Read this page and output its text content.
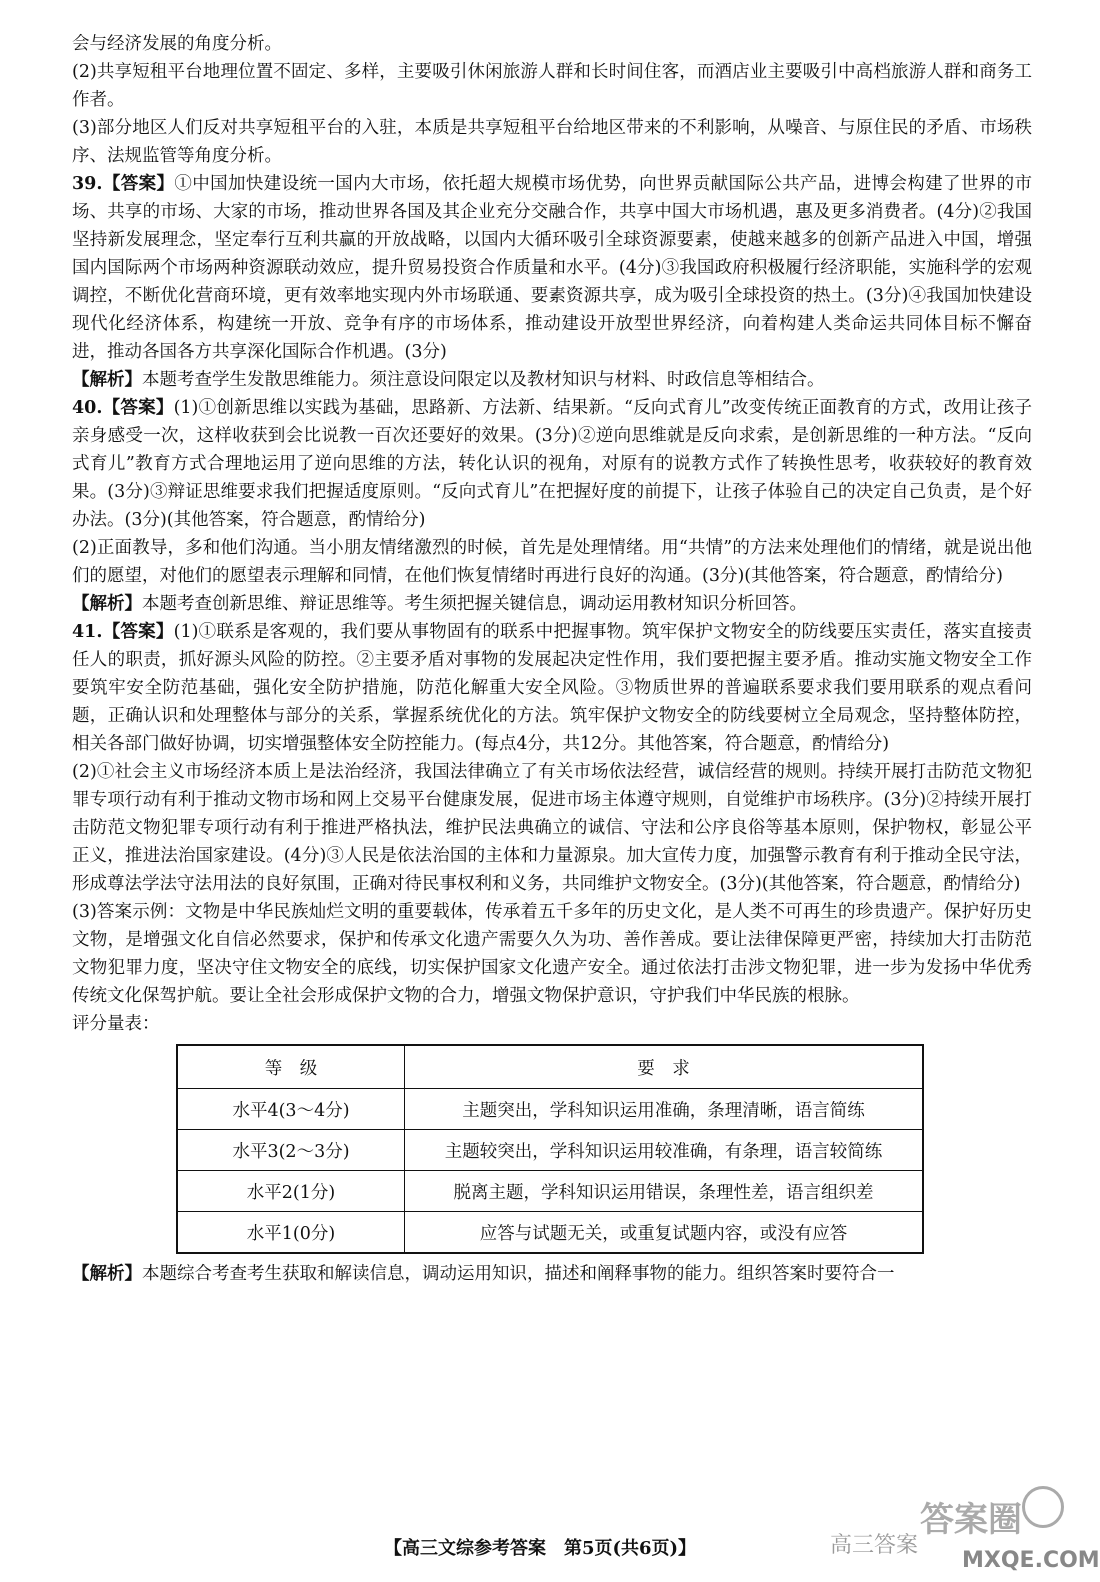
会与经济发展的角度分析。

(2)共享短租平台地理位置不固定、多样，主要吸引休闲旅游人群和长时间住客，而酒店业主要吸引中高档旅游人群和商务工作者。

(3)部分地区人们反对共享短租平台的入驻，本质是共享短租平台给地区带来的不利影响，从噪音、与原住民的矛盾、市场秩序、法规监管等角度分析。

39.【答案】①中国加快建设统一国内大市场，依托超大规模市场优势，向世界贡献国际公共产品，进博会构建了世界的市场、共享的市场、大家的市场，推动世界各国及其企业充分交融合作，共享中国大市场机遇，惠及更多消费者。(4分)②我国坚持新发展理念，坚定奉行互利共赢的开放战略，以国内大循环吸引全球资源要素，使越来越多的创新产品进入中国，增强国内国际两个市场两种资源联动效应，提升贸易投资合作质量和水平。(4分)③我国政府积极履行经济职能，实施科学的宏观调控，不断优化营商环境，更有效率地实现内外市场联通、要素资源共享，成为吸引全球投资的热土。(3分)④我国加快建设现代化经济体系，构建统一开放、竞争有序的市场体系，推动建设开放型世界经济，向着构建人类命运共同体目标不懈奋进，推动各国各方共享深化国际合作机遇。(3分)

【解析】本题考查学生发散思维能力。须注意设问限定以及教材知识与材料、时政信息等相结合。

40.【答案】(1)①创新思维以实践为基础，思路新、方法新、结果新。“反向式育儿”改变传统正面教育的方式，改用让孩子亲身感受一次，这样收获到会比说教一百次还要好的效果。(3分)②逆向思维就是反向求索，是创新思维的一种方法。“反向式育儿”教育方式合理地运用了逆向思维的方法，转化认识的视角，对原有的说教方式作了转换性思考，收获较好的教育效果。(3分)③辩证思维要求我们把握适度原则。“反向式育儿”在把握好度的前提下，让孩子体验自己的决定自己负责，是个好办法。(3分)(其他答案，符合题意，酌情给分)

(2)正面教导，多和他们沟通。当小朋友情绪激烈的时候，首先是处理情绪。用“共情”的方法来处理他们的情绪，就是说出他们的愿望，对他们的愿望表示理解和同情，在他们恢复情绪时再进行良好的沟通。(3分)(其他答案，符合题意，酌情给分)

【解析】本题考查创新思维、辩证思维等。考生须把握关键信息，调动运用教材知识分析回答。

41.【答案】(1)①联系是客观的，我们要从事物固有的联系中把握事物。筑牢保护文物安全的防线要压实责任，落实直接责任人的职责，抓好源头风险的防控。②主要矛盾对事物的发展起决定性作用，我们要把握主要矛盾。推动实施文物安全工作要筑牢安全防范基础，强化安全防护措施，防范化解重大安全风险。③物质世界的普遍联系要求我们要用联系的观点看问题，正确认识和处理整体与部分的关系，掌握系统优化的方法。筑牢保护文物安全的防线要树立全局观念，坚持整体防控，相关各部门做好协调，切实增强整体安全防控能力。(每点4分，共12分。其他答案，符合题意，酌情给分)

(2)①社会主义市场经济本质上是法治经济，我国法律确立了有关市场依法经营，诚信经营的规则。持续开展打击防范文物犯罪专项行动有利于推动文物市场和网上交易平台健康发展，促进市场主体遵守规则，自觉维护市场秩序。(3分)②持续开展打击防范文物犯罪专项行动有利于推进严格执法，维护民法典确立的诚信、守法和公序良俗等基本原则，保护物权，彰显公平正义，推进法治国家建设。(4分)③人民是依法治国的主体和力量源泉。加大宣传力度，加强警示教育有利于推动全民守法，形成尊法学法守法用法的良好氛围，正确对待民事权利和义务，共同维护文物安全。(3分)(其他答案，符合题意，酌情给分)

(3)答案示例：文物是中华民族灿烂文明的重要载体，传承着五千多年的历史文化，是人类不可再生的珍贵遗产。保护好历史文物，是增强文化自信必然要求，保护和传承文化遗产需要久久为功、善作善成。要让法律保障更严密，持续加大打击防范文物犯罪力度，坚决守住文物安全的底线，切实保护国家文化遗产安全。通过依法打击涉文物犯罪，进一步为发扬中华优秀传统文化保驾护航。要让全社会形成保护文物的合力，增强文物保护意识，守护我们中华民族的根脉。

评分量表：

等　级	要　求
水平4(3～4分)	主题突出，学科知识运用准确，条理清晰，语言简练
水平3(2～3分)	主题较突出，学科知识运用较准确，有条理，语言较简练
水平2(1分)	脱离主题，学科知识运用错误，条理性差，语言组织差
水平1(0分)	应答与试题无关，或重复试题内容，或没有应答

【解析】本题综合考查考生获取和解读信息，调动运用知识，描述和阐释事物的能力。组织答案时要符合一

【高三文综参考答案　第5页(共6页)】
答案圈
高三答案
MXQE.COM
